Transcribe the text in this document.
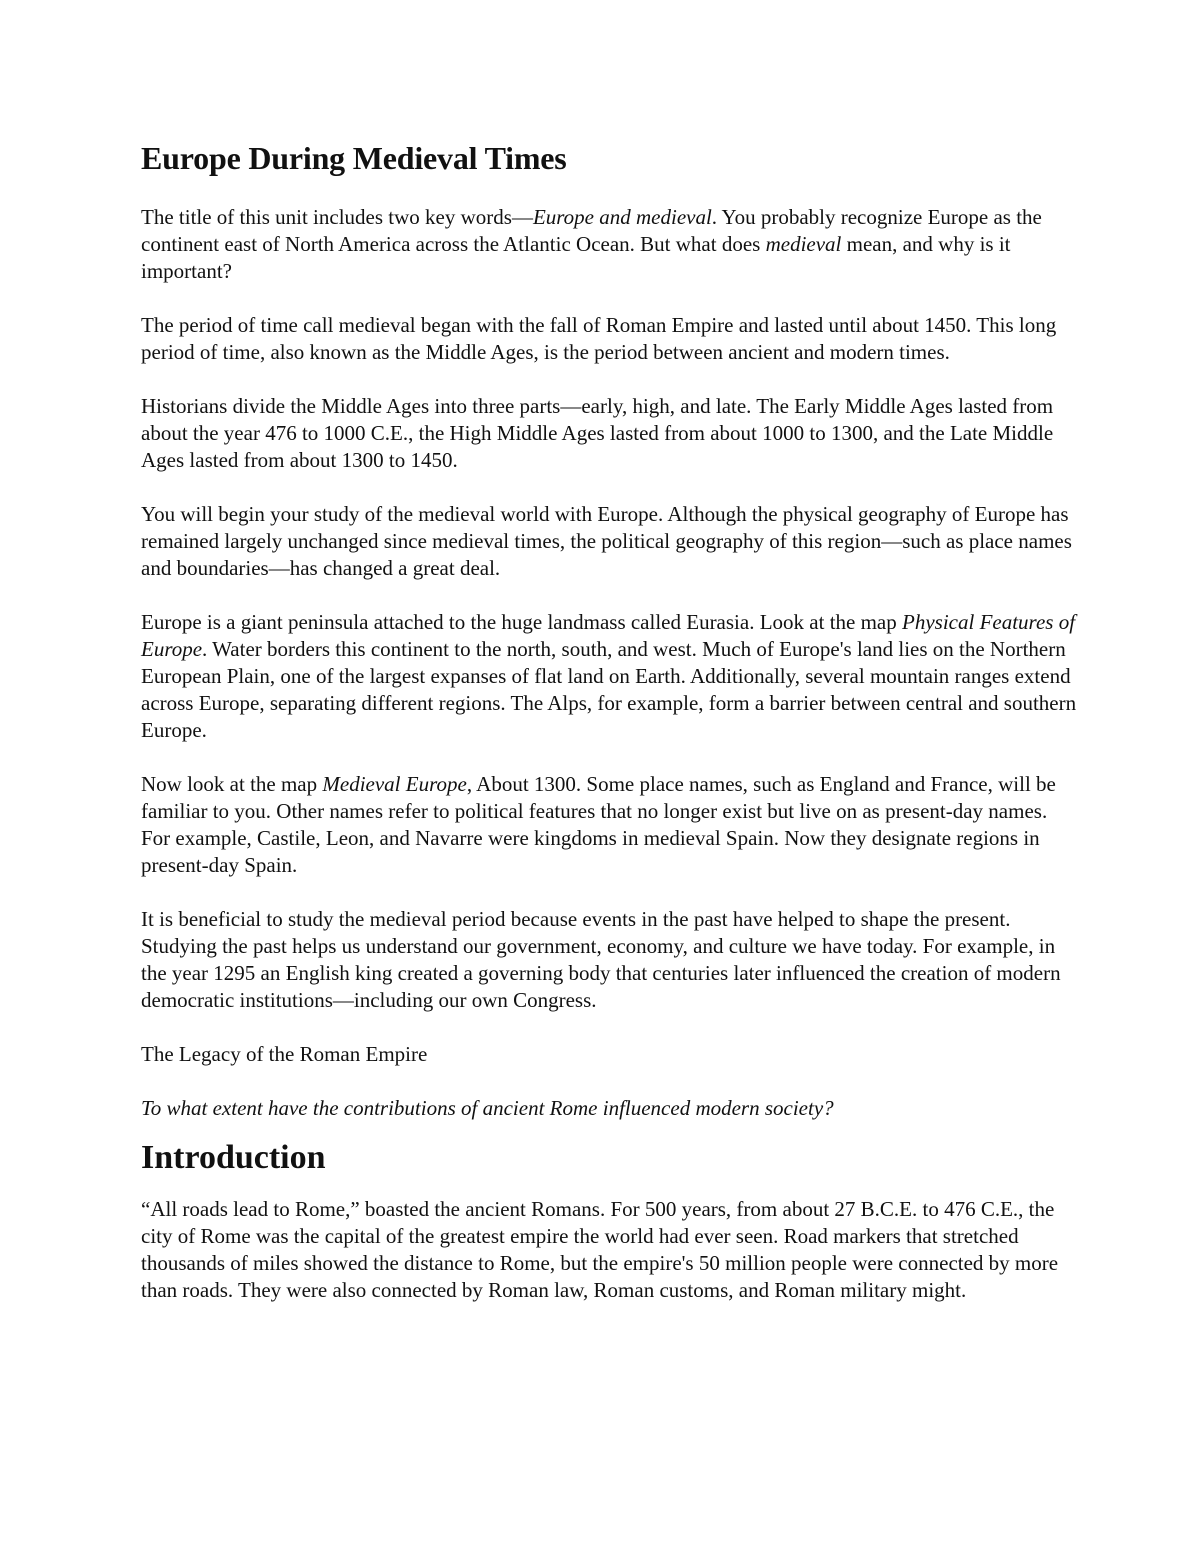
Europe During Medieval Times

The title of this unit includes two key words—Europe and medieval. You probably recognize Europe as the continent east of North America across the Atlantic Ocean. But what does medieval mean, and why is it important?

The period of time call medieval began with the fall of Roman Empire and lasted until about 1450. This long period of time, also known as the Middle Ages, is the period between ancient and modern times.

Historians divide the Middle Ages into three parts—early, high, and late. The Early Middle Ages lasted from about the year 476 to 1000 C.E., the High Middle Ages lasted from about 1000 to 1300, and the Late Middle Ages lasted from about 1300 to 1450.

You will begin your study of the medieval world with Europe. Although the physical geography of Europe has remained largely unchanged since medieval times, the political geography of this region—such as place names and boundaries—has changed a great deal.

Europe is a giant peninsula attached to the huge landmass called Eurasia. Look at the map Physical Features of Europe. Water borders this continent to the north, south, and west. Much of Europe's land lies on the Northern European Plain, one of the largest expanses of flat land on Earth. Additionally, several mountain ranges extend across Europe, separating different regions. The Alps, for example, form a barrier between central and southern Europe.

Now look at the map Medieval Europe, About 1300. Some place names, such as England and France, will be familiar to you. Other names refer to political features that no longer exist but live on as present-day names. For example, Castile, Leon, and Navarre were kingdoms in medieval Spain. Now they designate regions in present-day Spain.

It is beneficial to study the medieval period because events in the past have helped to shape the present. Studying the past helps us understand our government, economy, and culture we have today. For example, in the year 1295 an English king created a governing body that centuries later influenced the creation of modern democratic institutions—including our own Congress.

The Legacy of the Roman Empire

To what extent have the contributions of ancient Rome influenced modern society?

Introduction

“All roads lead to Rome,” boasted the ancient Romans. For 500 years, from about 27 B.C.E. to 476 C.E., the city of Rome was the capital of the greatest empire the world had ever seen. Road markers that stretched thousands of miles showed the distance to Rome, but the empire's 50 million people were connected by more than roads. They were also connected by Roman law, Roman customs, and Roman military might.
